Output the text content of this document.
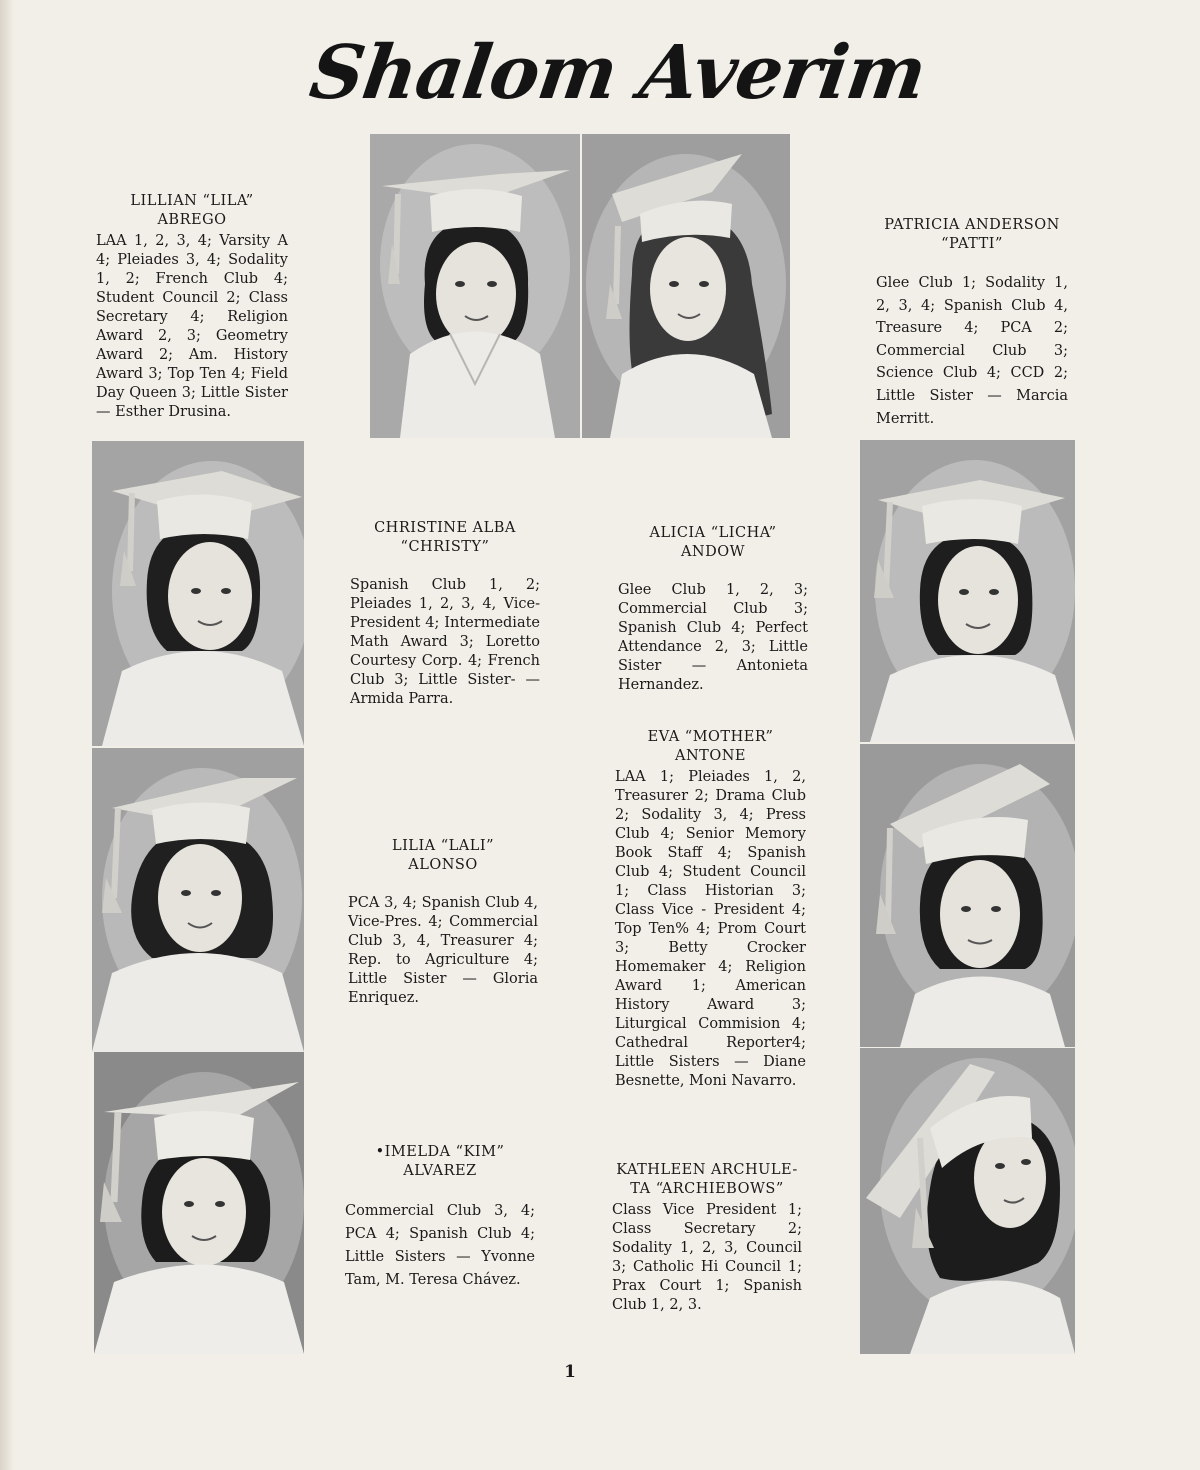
Shalom Averim
LILLIAN “LILA”
ABREGO
LAA 1, 2, 3, 4; Varsity A 4; Pleiades 3, 4; Sodality 1, 2; French Club 4; Student Council 2; Class Secretary 4; Religion Award 2, 3; Geometry Award 2; Am. History Award 3; Top Ten 4; Field Day Queen 3; Little Sister — Esther Drusina.
PATRICIA ANDERSON
“PATTI”
Glee Club 1; Sodality 1, 2, 3, 4; Spanish Club 4, Treasure 4; PCA 2; Commercial Club 3; Science Club 4; CCD 2; Little Sister — Marcia Merritt.
CHRISTINE ALBA
“CHRISTY”
Spanish Club 1, 2; Pleiades 1, 2, 3, 4, Vice-President 4; Intermediate Math Award 3; Loretto Courtesy Corp. 4; French Club 3; Little Sister- — Armida Parra.
ALICIA “LICHA”
ANDOW
Glee Club 1, 2, 3; Commercial Club 3; Spanish Club 4; Perfect Attendance 2, 3; Little Sister — Antonieta Hernandez.
LILIA “LALI”
ALONSO
PCA 3, 4; Spanish Club 4, Vice-Pres. 4; Commercial Club 3, 4, Treasurer 4; Rep. to Agriculture 4; Little Sister — Gloria Enriquez.
EVA “MOTHER”
ANTONE
LAA 1; Pleiades 1, 2, Treasurer 2; Drama Club 2; Sodality 3, 4; Press Club 4; Senior Memory Book Staff 4; Spanish Club 4; Student Council 1; Class Historian 3; Class Vice - President 4; Top Ten% 4; Prom Court 3; Betty Crocker Homemaker 4; Religion Award 1; American History Award 3; Liturgical Commision 4; Cathedral Reporter4; Little Sisters — Diane Besnette, Moni Navarro.
•IMELDA “KIM”
ALVAREZ
Commercial Club 3, 4; PCA 4; Spanish Club 4; Little Sisters — Yvonne Tam, M. Teresa Chávez.
KATHLEEN ARCHULE-
TA “ARCHIEBOWS”
Class Vice President 1; Class Secretary 2; Sodality 1, 2, 3, Council 3; Catholic Hi Council 1; Prax Court 1; Spanish Club 1, 2, 3.
1
